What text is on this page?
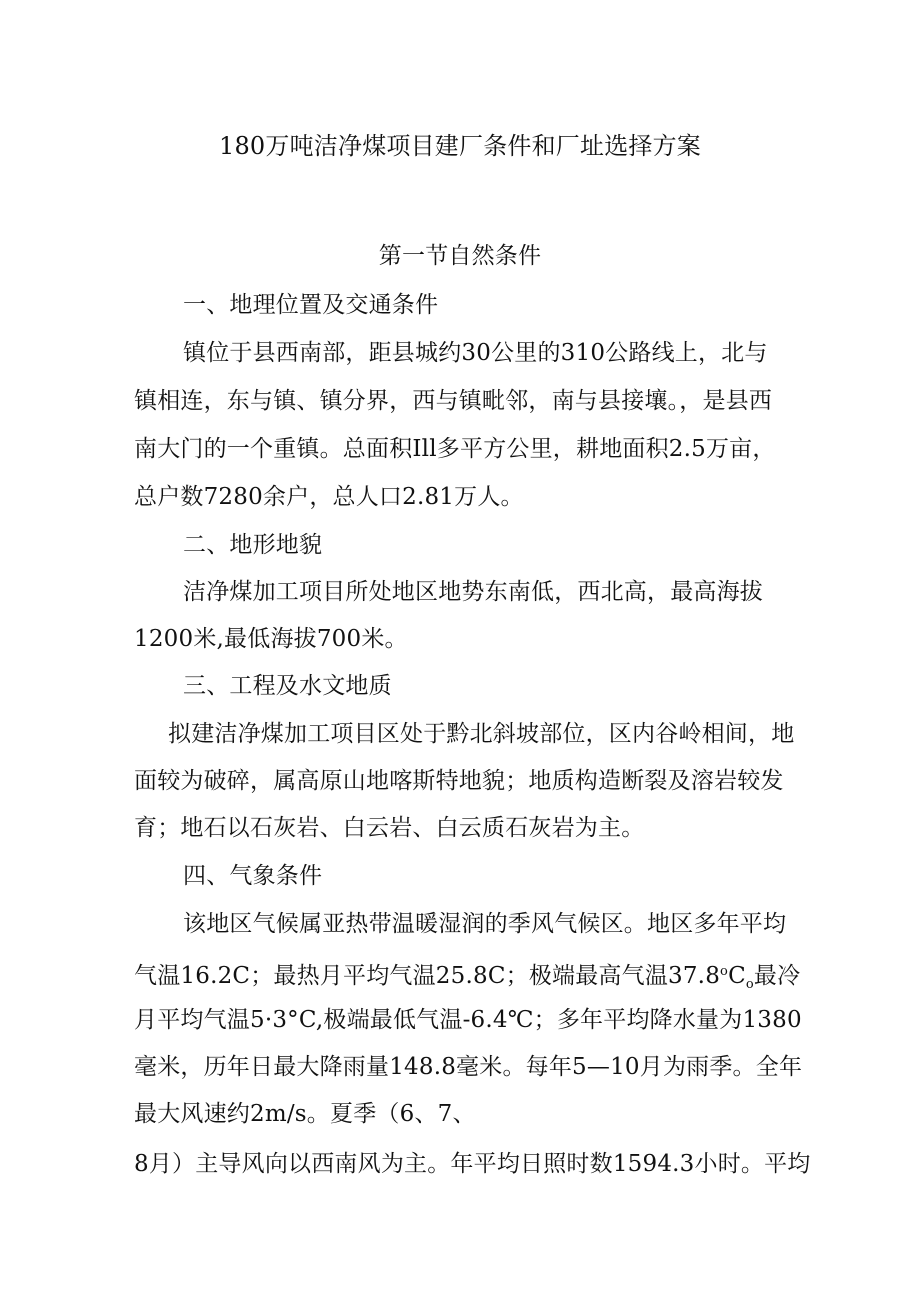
180万吨洁净煤项目建厂条件和厂址选择方案
第一节自然条件
一、地理位置及交通条件
镇位于县西南部，距县城约30公里的310公路线上，北与
镇相连，东与镇、镇分界，西与镇毗邻，南与县接壤。，是县西
南大门的一个重镇。总面积Ill多平方公里，耕地面积2.5万亩，
总户数7280余户，总人口2.81万人。
二、地形地貌
洁净煤加工项目所处地区地势东南低，西北高，最高海拔
1200米,最低海拔700米。
三、工程及水文地质
拟建洁净煤加工项目区处于黔北斜坡部位，区内谷岭相间，地
面较为破碎，属高原山地喀斯特地貌；地质构造断裂及溶岩较发
育；地石以石灰岩、白云岩、白云质石灰岩为主。
四、气象条件
该地区气候属亚热带温暖湿润的季风气候区。地区多年平均
气温16.2C；最热月平均气温25.8C；极端最高气温$37.8^oC_o$最冷
月平均气温5·3°C,极端最低气温-6.4℃；多年平均降水量为1380
毫米，历年日最大降雨量148.8毫米。每年5—10月为雨季。全年
最大风速约2m/s。夏季（6、7、
8月）主导风向以西南风为主。年平均日照时数1594.3小时。平均
